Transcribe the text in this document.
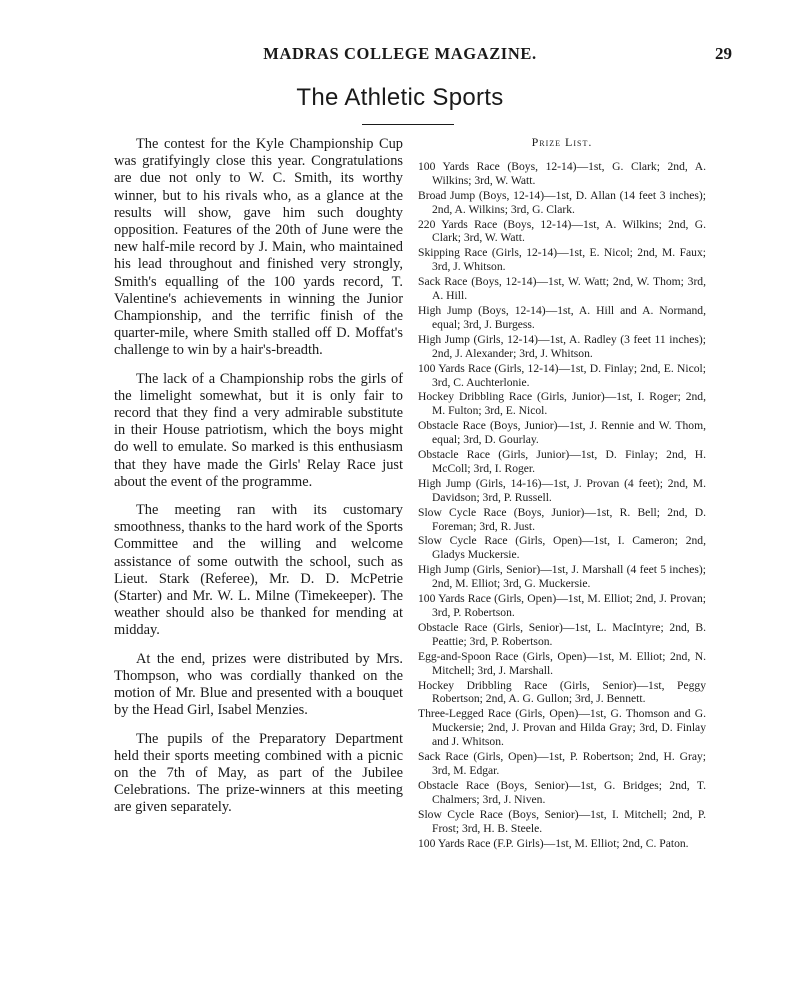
MADRAS COLLEGE MAGAZINE.	29
The Athletic Sports

The contest for the Kyle Championship Cup was gratifyingly close this year. Congratulations are due not only to W. C. Smith, its worthy winner, but to his rivals who, as a glance at the results will show, gave him such doughty opposition. Features of the 20th of June were the new half-mile record by J. Main, who maintained his lead throughout and finished very strongly, Smith's equalling of the 100 yards record, T. Valentine's achievements in winning the Junior Championship, and the terrific finish of the quarter-mile, where Smith stalled off D. Moffat's challenge to win by a hair's-breadth.

The lack of a Championship robs the girls of the limelight somewhat, but it is only fair to record that they find a very admirable substitute in their House patriotism, which the boys might do well to emulate. So marked is this enthusiasm that they have made the Girls' Relay Race just about the event of the programme.

The meeting ran with its customary smoothness, thanks to the hard work of the Sports Committee and the willing and welcome assistance of some outwith the school, such as Lieut. Stark (Referee), Mr. D. D. McPetrie (Starter) and Mr. W. L. Milne (Timekeeper). The weather should also be thanked for mending at midday.

At the end, prizes were distributed by Mrs. Thompson, who was cordially thanked on the motion of Mr. Blue and presented with a bouquet by the Head Girl, Isabel Menzies.

The pupils of the Preparatory Department held their sports meeting combined with a picnic on the 7th of May, as part of the Jubilee Celebrations. The prize-winners at this meeting are given separately.

Prize List.
100 Yards Race (Boys, 12-14)—1st, G. Clark; 2nd, A. Wilkins; 3rd, W. Watt.
Broad Jump (Boys, 12-14)—1st, D. Allan (14 feet 3 inches); 2nd, A. Wilkins; 3rd, G. Clark.
220 Yards Race (Boys, 12-14)—1st, A. Wilkins; 2nd, G. Clark; 3rd, W. Watt.
Skipping Race (Girls, 12-14)—1st, E. Nicol; 2nd, M. Faux; 3rd, J. Whitson.
Sack Race (Boys, 12-14)—1st, W. Watt; 2nd, W. Thom; 3rd, A. Hill.
High Jump (Boys, 12-14)—1st, A. Hill and A. Normand, equal; 3rd, J. Burgess.
High Jump (Girls, 12-14)—1st, A. Radley (3 feet 11 inches); 2nd, J. Alexander; 3rd, J. Whitson.
100 Yards Race (Girls, 12-14)—1st, D. Finlay; 2nd, E. Nicol; 3rd, C. Auchterlonie.
Hockey Dribbling Race (Girls, Junior)—1st, I. Roger; 2nd, M. Fulton; 3rd, E. Nicol.
Obstacle Race (Boys, Junior)—1st, J. Rennie and W. Thom, equal; 3rd, D. Gourlay.
Obstacle Race (Girls, Junior)—1st, D. Finlay; 2nd, H. McColl; 3rd, I. Roger.
High Jump (Girls, 14-16)—1st, J. Provan (4 feet); 2nd, M. Davidson; 3rd, P. Russell.
Slow Cycle Race (Boys, Junior)—1st, R. Bell; 2nd, D. Foreman; 3rd, R. Just.
Slow Cycle Race (Girls, Open)—1st, I. Cameron; 2nd, Gladys Muckersie.
High Jump (Girls, Senior)—1st, J. Marshall (4 feet 5 inches); 2nd, M. Elliot; 3rd, G. Muckersie.
100 Yards Race (Girls, Open)—1st, M. Elliot; 2nd, J. Provan; 3rd, P. Robertson.
Obstacle Race (Girls, Senior)—1st, L. MacIntyre; 2nd, B. Peattie; 3rd, P. Robertson.
Egg-and-Spoon Race (Girls, Open)—1st, M. Elliot; 2nd, N. Mitchell; 3rd, J. Marshall.
Hockey Dribbling Race (Girls, Senior)—1st, Peggy Robertson; 2nd, A. G. Gullon; 3rd, J. Bennett.
Three-Legged Race (Girls, Open)—1st, G. Thomson and G. Muckersie; 2nd, J. Provan and Hilda Gray; 3rd, D. Finlay and J. Whitson.
Sack Race (Girls, Open)—1st, P. Robertson; 2nd, H. Gray; 3rd, M. Edgar.
Obstacle Race (Boys, Senior)—1st, G. Bridges; 2nd, T. Chalmers; 3rd, J. Niven.
Slow Cycle Race (Boys, Senior)—1st, I. Mitchell; 2nd, P. Frost; 3rd, H. B. Steele.
100 Yards Race (F.P. Girls)—1st, M. Elliot; 2nd, C. Paton.
